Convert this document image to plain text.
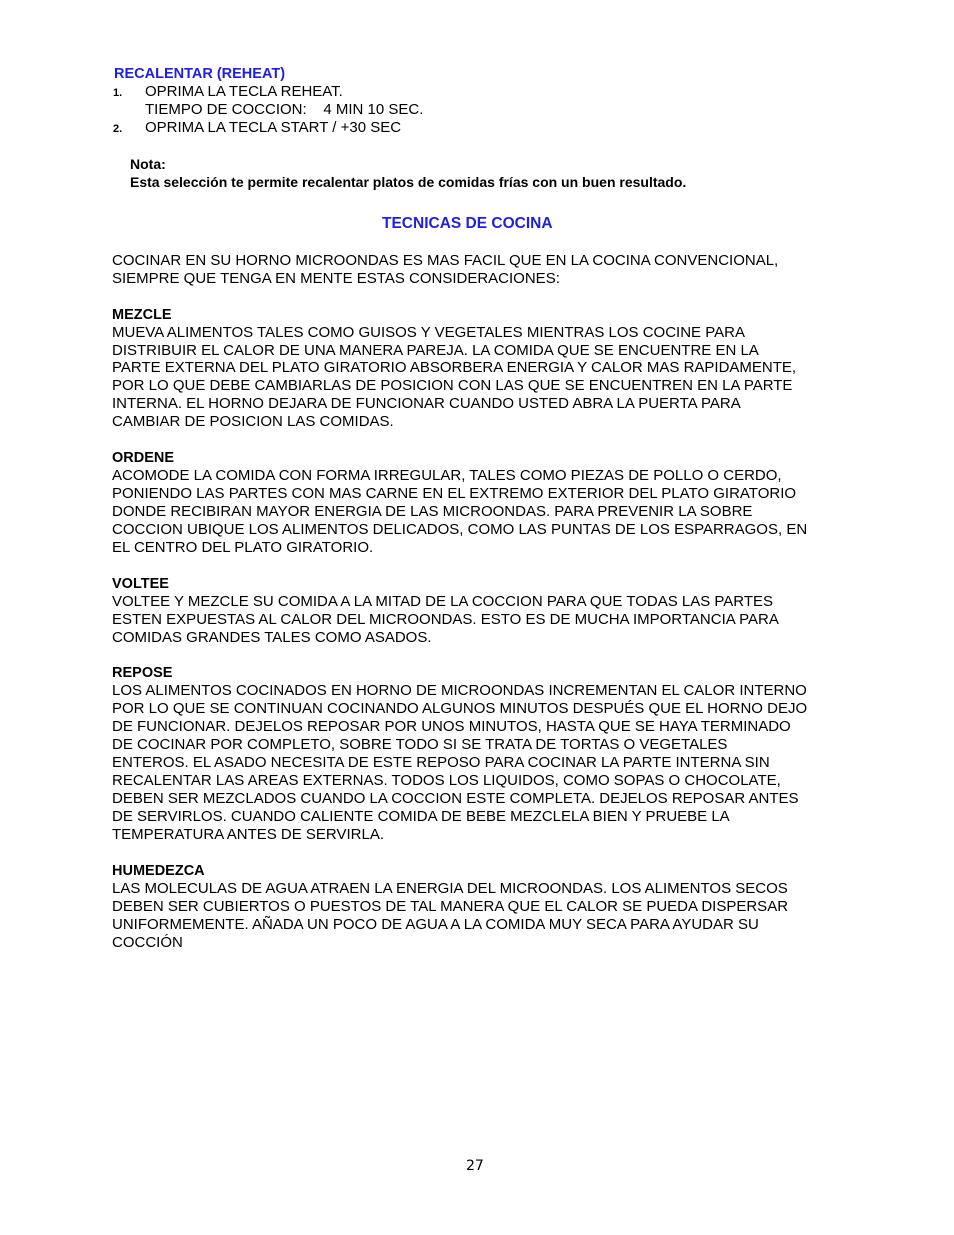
RECALENTAR (REHEAT)
1. OPRIMA LA TECLA REHEAT.
TIEMPO DE COCCION:    4 MIN 10 SEC.
2. OPRIMA LA TECLA START / +30 SEC
Nota:
Esta selección te permite recalentar platos de comidas frías con un buen resultado.
TECNICAS DE COCINA
COCINAR EN SU HORNO MICROONDAS ES MAS FACIL QUE EN LA COCINA CONVENCIONAL,
SIEMPRE QUE TENGA EN MENTE ESTAS CONSIDERACIONES:
MEZCLE
MUEVA ALIMENTOS TALES COMO GUISOS Y VEGETALES MIENTRAS LOS COCINE PARA
DISTRIBUIR EL CALOR DE UNA MANERA PAREJA. LA COMIDA QUE SE ENCUENTRE EN LA
PARTE EXTERNA DEL PLATO GIRATORIO ABSORBERA ENERGIA Y CALOR MAS RAPIDAMENTE,
POR LO QUE DEBE CAMBIARLAS DE POSICION CON LAS QUE SE ENCUENTREN EN LA PARTE
INTERNA. EL HORNO DEJARA DE FUNCIONAR CUANDO USTED ABRA LA PUERTA PARA
CAMBIAR DE POSICION LAS COMIDAS.
ORDENE
ACOMODE LA COMIDA CON FORMA IRREGULAR, TALES COMO PIEZAS DE POLLO O CERDO,
PONIENDO LAS PARTES CON MAS CARNE EN EL EXTREMO EXTERIOR DEL PLATO GIRATORIO
DONDE RECIBIRAN MAYOR ENERGIA DE LAS MICROONDAS. PARA PREVENIR LA SOBRE
COCCION UBIQUE LOS ALIMENTOS DELICADOS, COMO LAS PUNTAS DE LOS ESPARRAGOS, EN
EL CENTRO DEL PLATO GIRATORIO.
VOLTEE
VOLTEE Y MEZCLE SU COMIDA A LA MITAD DE LA COCCION PARA QUE TODAS LAS PARTES
ESTEN EXPUESTAS AL CALOR DEL MICROONDAS. ESTO ES DE MUCHA IMPORTANCIA PARA
COMIDAS GRANDES TALES COMO ASADOS.
REPOSE
LOS ALIMENTOS COCINADOS EN HORNO DE MICROONDAS INCREMENTAN EL CALOR INTERNO
POR LO QUE SE CONTINUAN COCINANDO ALGUNOS MINUTOS DESPUÉS QUE EL HORNO DEJO
DE FUNCIONAR. DEJELOS REPOSAR POR UNOS MINUTOS, HASTA QUE SE HAYA TERMINADO
DE COCINAR POR COMPLETO, SOBRE TODO SI SE TRATA DE TORTAS O VEGETALES
ENTEROS. EL ASADO NECESITA DE ESTE REPOSO PARA COCINAR LA PARTE INTERNA SIN
RECALENTAR LAS AREAS EXTERNAS. TODOS LOS LIQUIDOS, COMO SOPAS O CHOCOLATE,
DEBEN SER MEZCLADOS CUANDO LA COCCION ESTE COMPLETA. DEJELOS REPOSAR ANTES
DE SERVIRLOS. CUANDO CALIENTE COMIDA DE BEBE MEZCLELA BIEN Y PRUEBE LA
TEMPERATURA ANTES DE SERVIRLA.
HUMEDEZCA
LAS MOLECULAS DE AGUA ATRAEN LA ENERGIA DEL MICROONDAS. LOS ALIMENTOS SECOS
DEBEN SER CUBIERTOS O PUESTOS DE TAL MANERA QUE EL CALOR SE PUEDA DISPERSAR
UNIFORMEMENTE. AÑADA UN POCO DE AGUA A LA COMIDA MUY SECA PARA AYUDAR SU
COCCIÓN
27
